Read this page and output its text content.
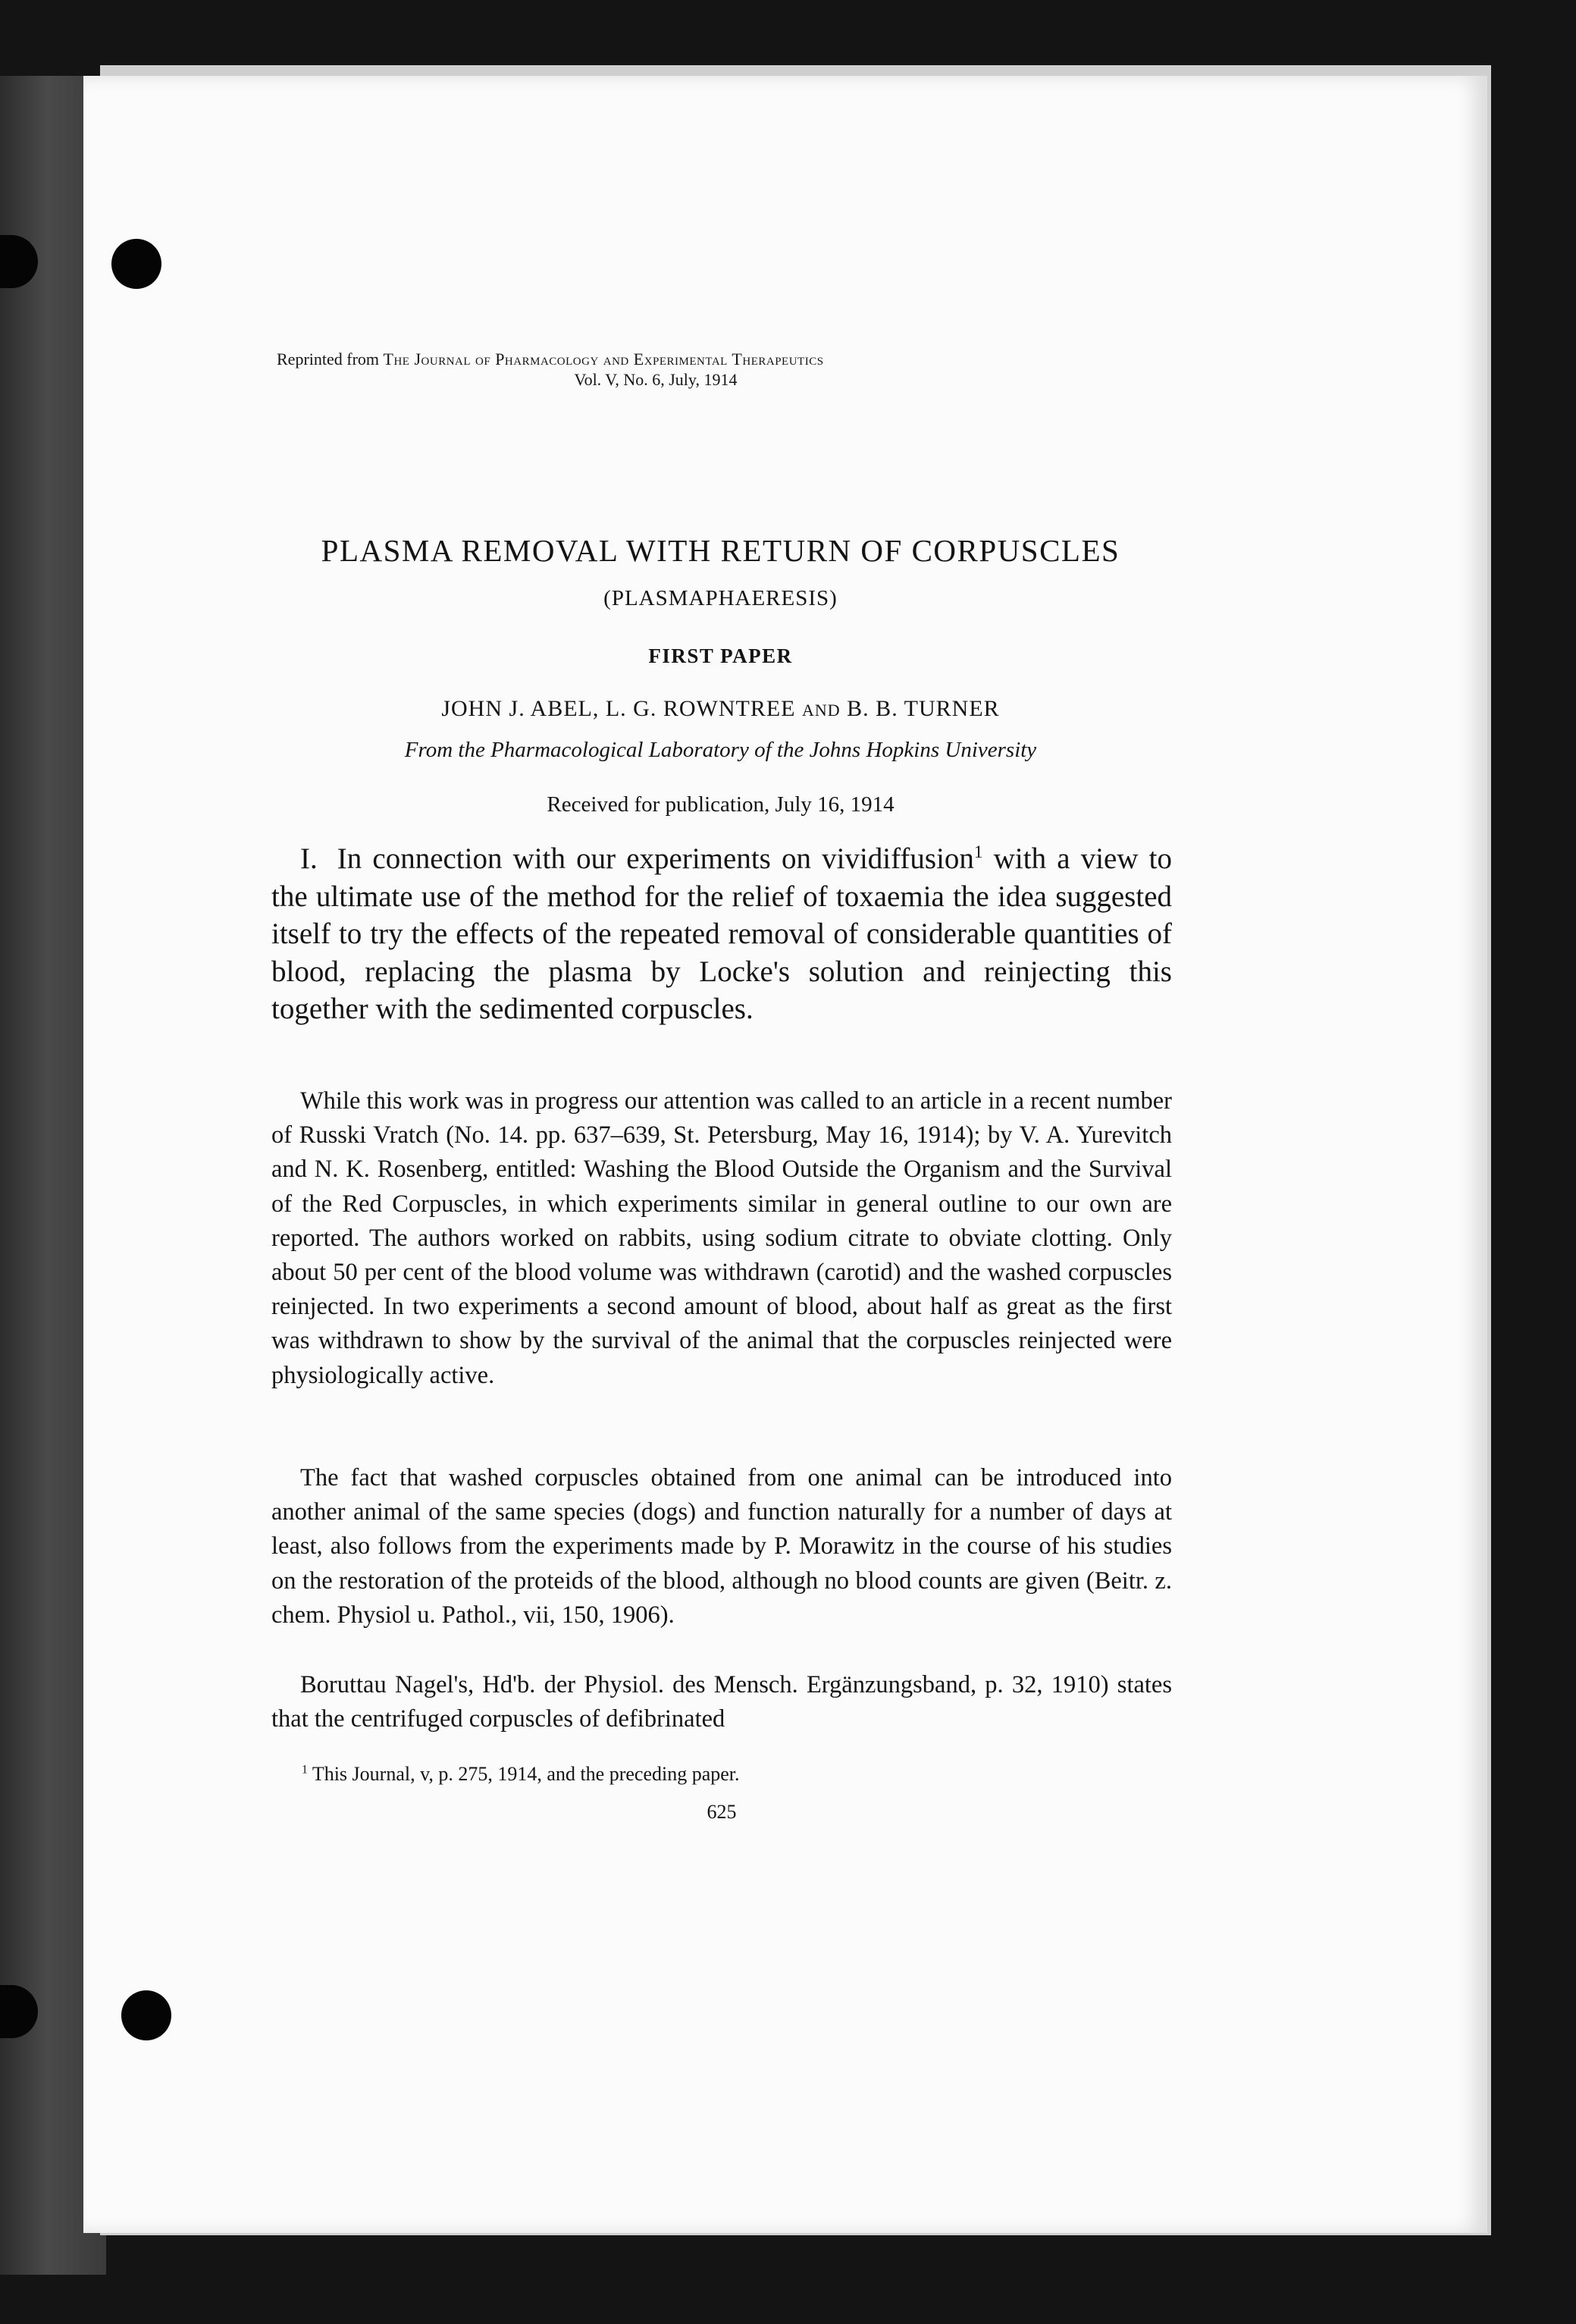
Reprinted from The Journal of Pharmacology and Experimental Therapeutics
Vol. V, No. 6, July, 1914
PLASMA REMOVAL WITH RETURN OF CORPUSCLES
(PLASMAPHAERESIS)
FIRST PAPER
JOHN J. ABEL, L. G. ROWNTREE AND B. B. TURNER
From the Pharmacological Laboratory of the Johns Hopkins University
Received for publication, July 16, 1914

I. In connection with our experiments on vividiffusion$^1$ with a view to the ultimate use of the method for the relief of toxaemia the idea suggested itself to try the effects of the repeated removal of considerable quantities of blood, replacing the plasma by Locke's solution and reinjecting this together with the sedimented corpuscles.

While this work was in progress our attention was called to an article in a recent number of Russki Vratch (No. 14. pp. 637–639, St. Petersburg, May 16, 1914); by V. A. Yurevitch and N. K. Rosenberg, entitled: Washing the Blood Outside the Organism and the Survival of the Red Corpuscles, in which experiments similar in general outline to our own are reported. The authors worked on rabbits, using sodium citrate to obviate clotting. Only about 50 per cent of the blood volume was withdrawn (carotid) and the washed corpuscles reinjected. In two experiments a second amount of blood, about half as great as the first was withdrawn to show by the survival of the animal that the corpuscles reinjected were physiologically active.

The fact that washed corpuscles obtained from one animal can be introduced into another animal of the same species (dogs) and function naturally for a number of days at least, also follows from the experiments made by P. Morawitz in the course of his studies on the restoration of the proteids of the blood, although no blood counts are given (Beitr. z. chem. Physiol u. Pathol., vii, 150, 1906).

Boruttau Nagel's, Hd'b. der Physiol. des Mensch. Ergänzungsband, p. 32, 1910) states that the centrifuged corpuscles of defibrinated

$^1$ This Journal, v, p. 275, 1914, and the preceding paper.
625
